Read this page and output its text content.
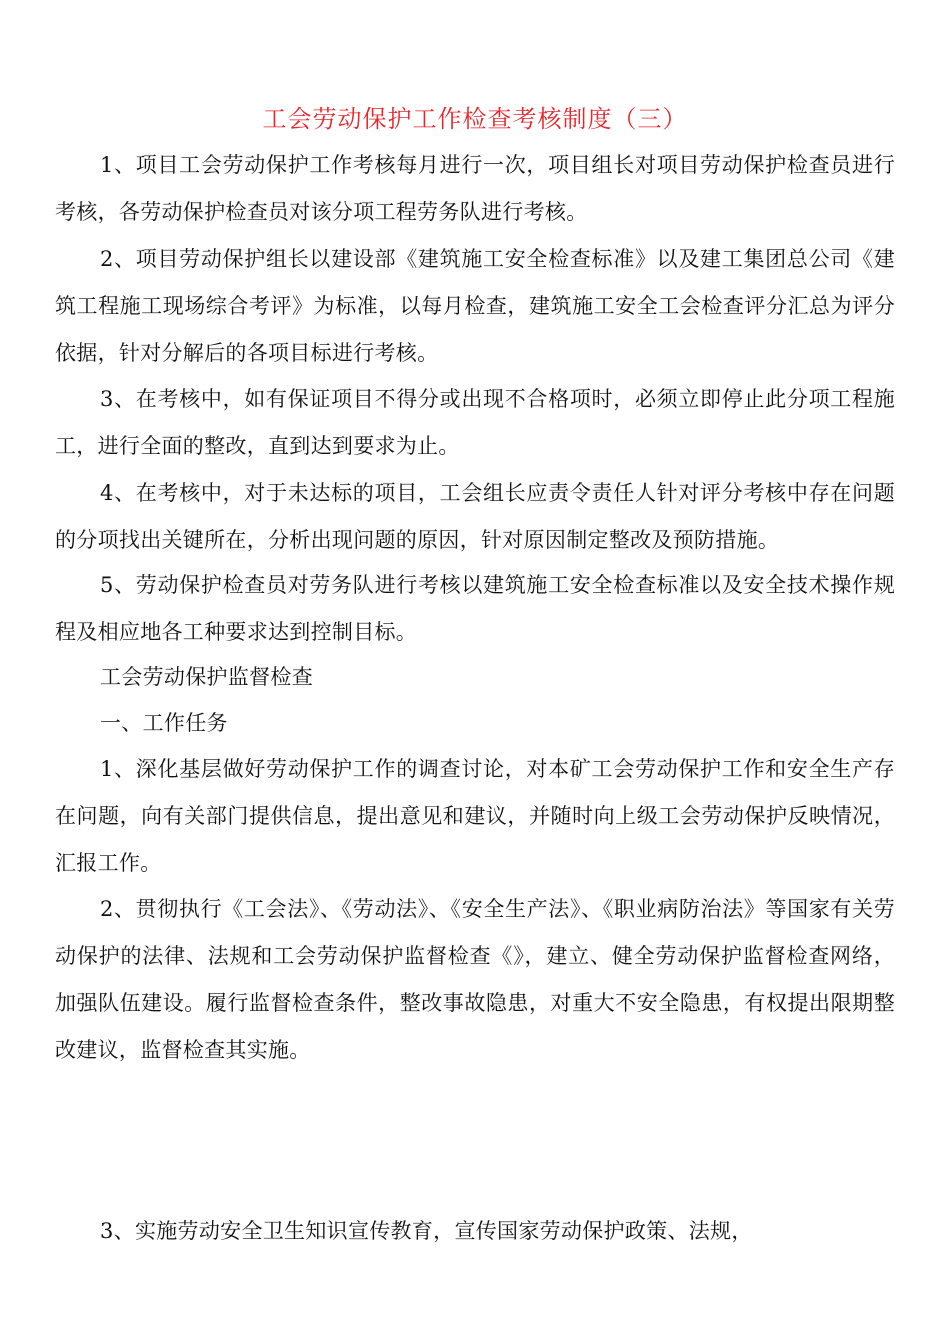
工会劳动保护工作检查考核制度（三）

1、项目工会劳动保护工作考核每月进行一次，项目组长对项目劳动保护检查员进行考核，各劳动保护检查员对该分项工程劳务队进行考核。

2、项目劳动保护组长以建设部《建筑施工安全检查标准》以及建工集团总公司《建筑工程施工现场综合考评》为标准，以每月检查，建筑施工安全工会检查评分汇总为评分依据，针对分解后的各项目标进行考核。

3、在考核中，如有保证项目不得分或出现不合格项时，必须立即停止此分项工程施工，进行全面的整改，直到达到要求为止。

4、在考核中，对于未达标的项目，工会组长应责令责任人针对评分考核中存在问题的分项找出关键所在，分析出现问题的原因，针对原因制定整改及预防措施。

5、劳动保护检查员对劳务队进行考核以建筑施工安全检查标准以及安全技术操作规程及相应地各工种要求达到控制目标。

工会劳动保护监督检查

一、工作任务

1、深化基层做好劳动保护工作的调查讨论，对本矿工会劳动保护工作和安全生产存在问题，向有关部门提供信息，提出意见和建议，并随时向上级工会劳动保护反映情况，汇报工作。

2、贯彻执行《工会法》、《劳动法》、《安全生产法》、《职业病防治法》等国家有关劳动保护的法律、法规和工会劳动保护监督检查《》，建立、健全劳动保护监督检查网络，加强队伍建设。履行监督检查条件，整改事故隐患，对重大不安全隐患，有权提出限期整改建议，监督检查其实施。

3、实施劳动安全卫生知识宣传教育，宣传国家劳动保护政策、法规，
